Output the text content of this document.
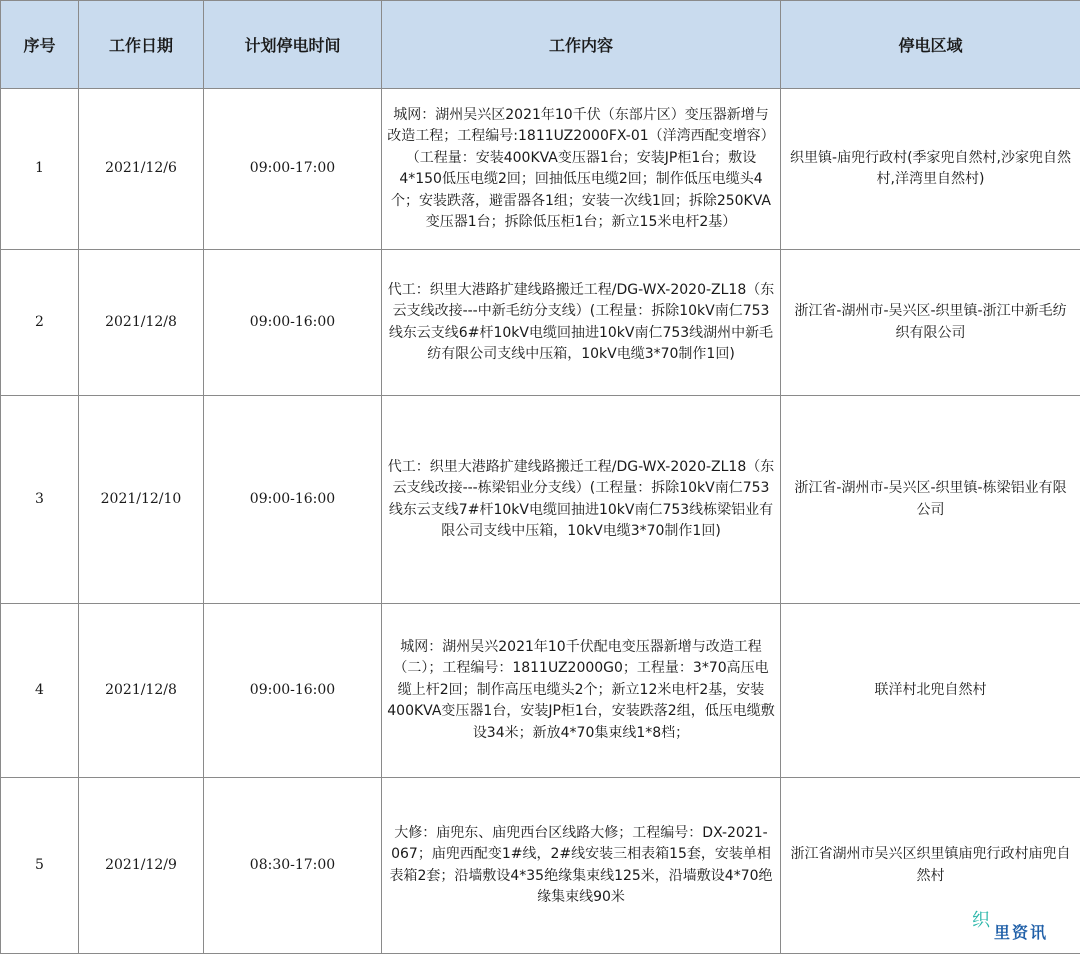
序号	工作日期	计划停电时间	工作内容	停电区域
1	2021/12/6	09:00-17:00	城网：湖州吴兴区2021年10千伏（东部片区）变压器新增与改造工程；工程编号:1811UZ2000FX-01（洋湾西配变增容）（工程量：安装400KVA变压器1台；安装JP柜1台；敷设4*150低压电缆2回；回抽低压电缆2回；制作低压电缆头4个；安装跌落，避雷器各1组；安装一次线1回；拆除250KVA变压器1台；拆除低压柜1台；新立15米电杆2基）	织里镇-庙兜行政村(季家兜自然村,沙家兜自然村,洋湾里自然村)
2	2021/12/8	09:00-16:00	代工：织里大港路扩建线路搬迁工程/DG-WX-2020-ZL18（东云支线改接---中新毛纺分支线）(工程量：拆除10kV南仁753线东云支线6#杆10kV电缆回抽进10kV南仁753线湖州中新毛纺有限公司支线中压箱，10kV电缆3*70制作1回)	浙江省-湖州市-吴兴区-织里镇-浙江中新毛纺织有限公司
3	2021/12/10	09:00-16:00	代工：织里大港路扩建线路搬迁工程/DG-WX-2020-ZL18（东云支线改接---栋梁铝业分支线）(工程量：拆除10kV南仁753线东云支线7#杆10kV电缆回抽进10kV南仁753线栋梁铝业有限公司支线中压箱，10kV电缆3*70制作1回)	浙江省-湖州市-吴兴区-织里镇-栋梁铝业有限公司
4	2021/12/8	09:00-16:00	城网：湖州吴兴2021年10千伏配电变压器新增与改造工程（二）；工程编号：1811UZ2000G0；工程量：3*70高压电缆上杆2回；制作高压电缆头2个；新立12米电杆2基，安装400KVA变压器1台，安装JP柜1台，安装跌落2组，低压电缆敷设34米；新放4*70集束线1*8档；	联洋村北兜自然村
5	2021/12/9	08:30-17:00	大修：庙兜东、庙兜西台区线路大修；工程编号：DX-2021-067；庙兜西配变1#线，2#线安装三相表箱15套，安装单相表箱2套；沿墙敷设4*35绝缘集束线125米，沿墙敷设4*70绝缘集束线90米	浙江省湖州市吴兴区织里镇庙兜行政村庙兜自然村
织里资讯
